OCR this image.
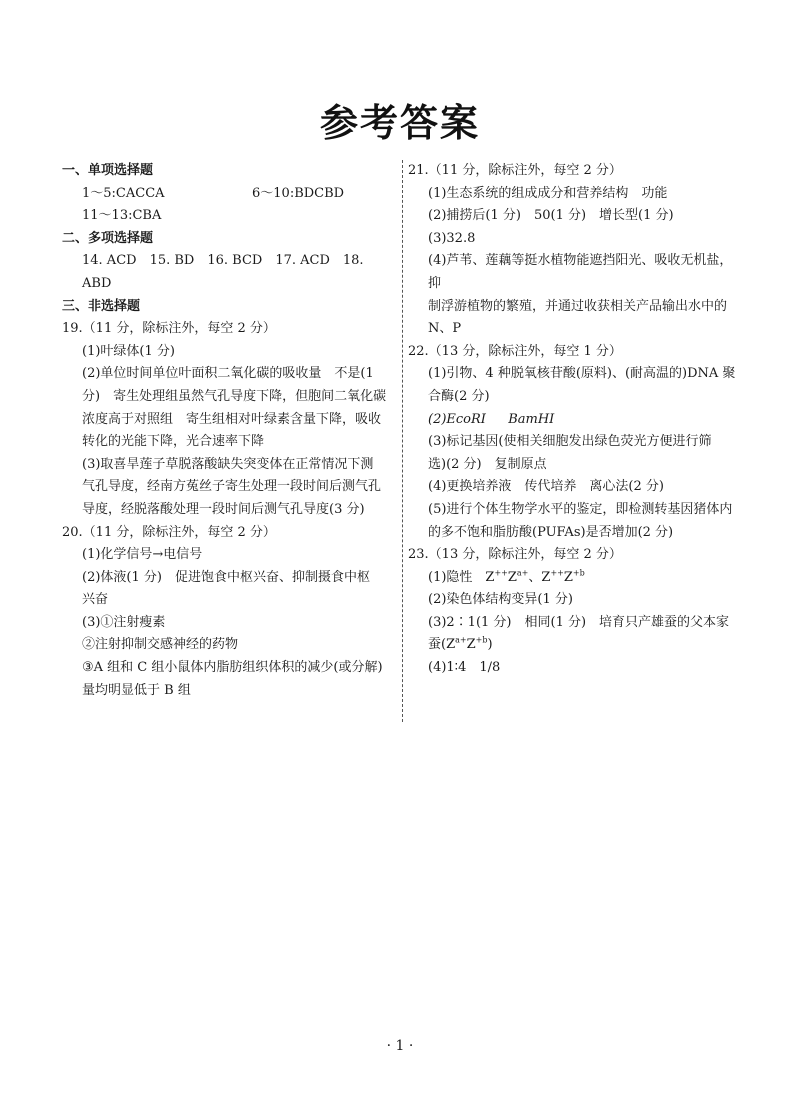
参考答案

一、单项选择题

1～5:CACCA	6～10:BDCBD

11～13:CBA

二、多项选择题

14. ACD　15. BD　16. BCD　17. ACD　18. ABD

三、非选择题

19.（11 分，除标注外，每空 2 分）

(1)叶绿体(1 分)

(2)单位时间单位叶面积二氧化碳的吸收量　不是(1

分)　寄生处理组虽然气孔导度下降，但胞间二氧化碳

浓度高于对照组　寄生组相对叶绿素含量下降，吸收

转化的光能下降，光合速率下降

(3)取喜旱莲子草脱落酸缺失突变体在正常情况下测

气孔导度，经南方菟丝子寄生处理一段时间后测气孔

导度，经脱落酸处理一段时间后测气孔导度(3 分)

20.（11 分，除标注外，每空 2 分）

(1)化学信号→电信号

(2)体液(1 分)　促进饱食中枢兴奋、抑制摄食中枢

兴奋

(3)①注射瘦素

②注射抑制交感神经的药物

③A 组和 C 组小鼠体内脂肪组织体积的减少(或分解)

量均明显低于 B 组

21.（11 分，除标注外，每空 2 分）

(1)生态系统的组成成分和营养结构　功能

(2)捕捞后(1 分)　50(1 分)　增长型(1 分)

(3)32.8

(4)芦苇、莲藕等挺水植物能遮挡阳光、吸收无机盐，抑

制浮游植物的繁殖，并通过收获相关产品输出水中的

N、P

22.（13 分，除标注外，每空 1 分）

(1)引物、4 种脱氧核苷酸(原料)、(耐高温的)DNA 聚

合酶(2 分)

(2)EcoRⅠ BamHⅠ

(3)标记基因(使相关细胞发出绿色荧光方便进行筛

选)(2 分)　复制原点

(4)更换培养液　传代培养　离心法(2 分)

(5)进行个体生物学水平的鉴定，即检测转基因猪体内

的多不饱和脂肪酸(PUFAs)是否增加(2 分)

23.（13 分，除标注外，每空 2 分）

(1)隐性　$Z^{++}Z^{a+}$、$Z^{++}Z^{+b}$

(2)染色体结构变异(1 分)

(3)2∶1(1 分)　相同(1 分)　培育只产雄蚕的父本家

蚕$(Z^{a+}Z^{+b})$

(4)1∶4　1/8

· 1 ·
